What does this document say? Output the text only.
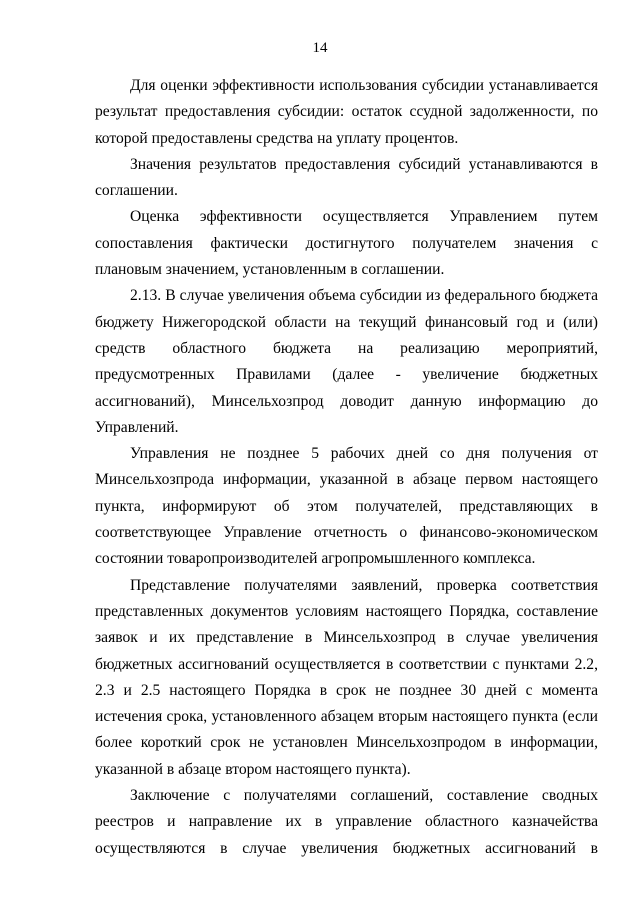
14

Для оценки эффективности использования субсидии устанавливается результат предоставления субсидии: остаток ссудной задолженности, по которой предоставлены средства на уплату процентов.

Значения результатов предоставления субсидий устанавливаются в соглашении.

Оценка эффективности осуществляется Управлением путем сопоставления фактически достигнутого получателем значения с плановым значением, установленным в соглашении.

2.13. В случае увеличения объема субсидии из федерального бюджета бюджету Нижегородской области на текущий финансовый год и (или) средств областного бюджета на реализацию мероприятий, предусмотренных Правилами (далее - увеличение бюджетных ассигнований), Минсельхозпрод доводит данную информацию до Управлений.

Управления не позднее 5 рабочих дней со дня получения от Минсельхозпрода информации, указанной в абзаце первом настоящего пункта, информируют об этом получателей, представляющих в соответствующее Управление отчетность о финансово-экономическом состоянии товаропроизводителей агропромышленного комплекса.

Представление получателями заявлений, проверка соответствия представленных документов условиям настоящего Порядка, составление заявок и их представление в Минсельхозпрод в случае увеличения бюджетных ассигнований осуществляется в соответствии с пунктами 2.2, 2.3 и 2.5 настоящего Порядка в срок не позднее 30 дней с момента истечения срока, установленного абзацем вторым настоящего пункта (если более короткий срок не установлен Минсельхозпродом в информации, указанной в абзаце втором настоящего пункта).

Заключение с получателями соглашений, составление сводных реестров и направление их в управление областного казначейства осуществляются в случае увеличения бюджетных ассигнований в
